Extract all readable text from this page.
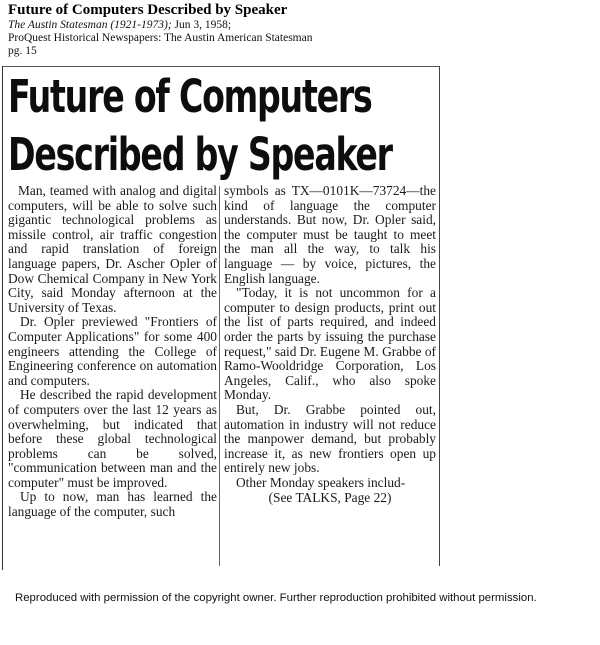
Future of Computers Described by Speaker
The Austin Statesman (1921-1973); Jun 3, 1958;
ProQuest Historical Newspapers: The Austin American Statesman
pg. 15
Future of Computers
Described by Speaker

Man, teamed with analog and digital computers, will be able to solve such gigantic technological problems as missile control, air traffic congestion and rapid translation of foreign language papers, Dr. Ascher Opler of Dow Chemical Company in New York City, said Monday afternoon at the University of Texas.

Dr. Opler previewed "Frontiers of Computer Applications" for some 400 engineers attending the College of Engineering conference on automation and computers.

He described the rapid development of computers over the last 12 years as overwhelming, but indicated that before these global technological problems can be solved, "communication between man and the computer" must be improved.

Up to now, man has learned the language of the computer, such

symbols as TX—0101K—73724—the kind of language the computer understands. But now, Dr. Opler said, the computer must be taught to meet the man all the way, to talk his language — by voice, pictures, the English language.

"Today, it is not uncommon for a computer to design products, print out the list of parts required, and indeed order the parts by issuing the purchase request," said Dr. Eugene M. Grabbe of Ramo-Wooldridge Corporation, Los Angeles, Calif., who also spoke Monday.

But, Dr. Grabbe pointed out, automation in industry will not reduce the manpower demand, but probably increase it, as new frontiers open up entirely new jobs.

Other Monday speakers includ-

(See TALKS, Page 22)
Reproduced with permission of the copyright owner. Further reproduction prohibited without permission.
